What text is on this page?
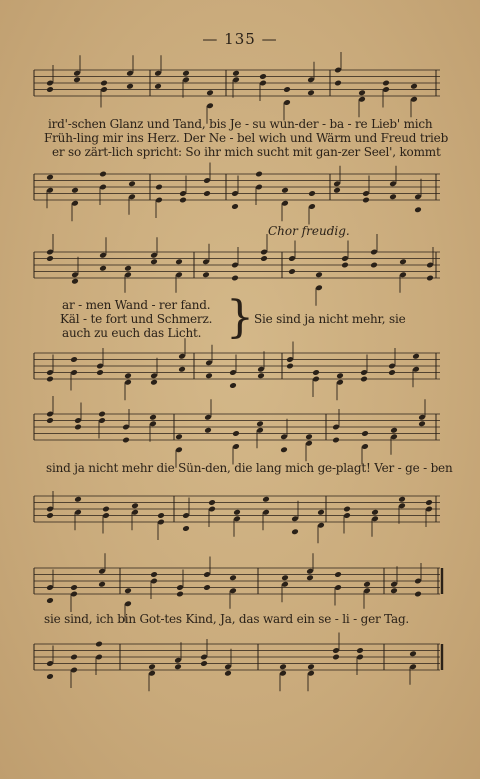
— 135 —
ird'-schen Glanz und Tand, bis Je - su wun-der - ba - re Lieb' mich
Früh-ling mir ins Herz. Der Ne - bel wich und Wärm und Freud trieb
er so zärt-lich spricht: So ihr mich sucht mit gan-zer Seel', kommt
Chor freudig.
ar - men Wand - rer fand.
Käl - te fort und Schmerz.
auch zu euch das Licht. } Sie sind ja nicht mehr, sie
sind ja nicht mehr die Sün-den, die lang mich ge-plagt! Ver - ge - ben
sie sind, ich bin Got-tes Kind, Ja, das ward ein se - li - ger Tag.
